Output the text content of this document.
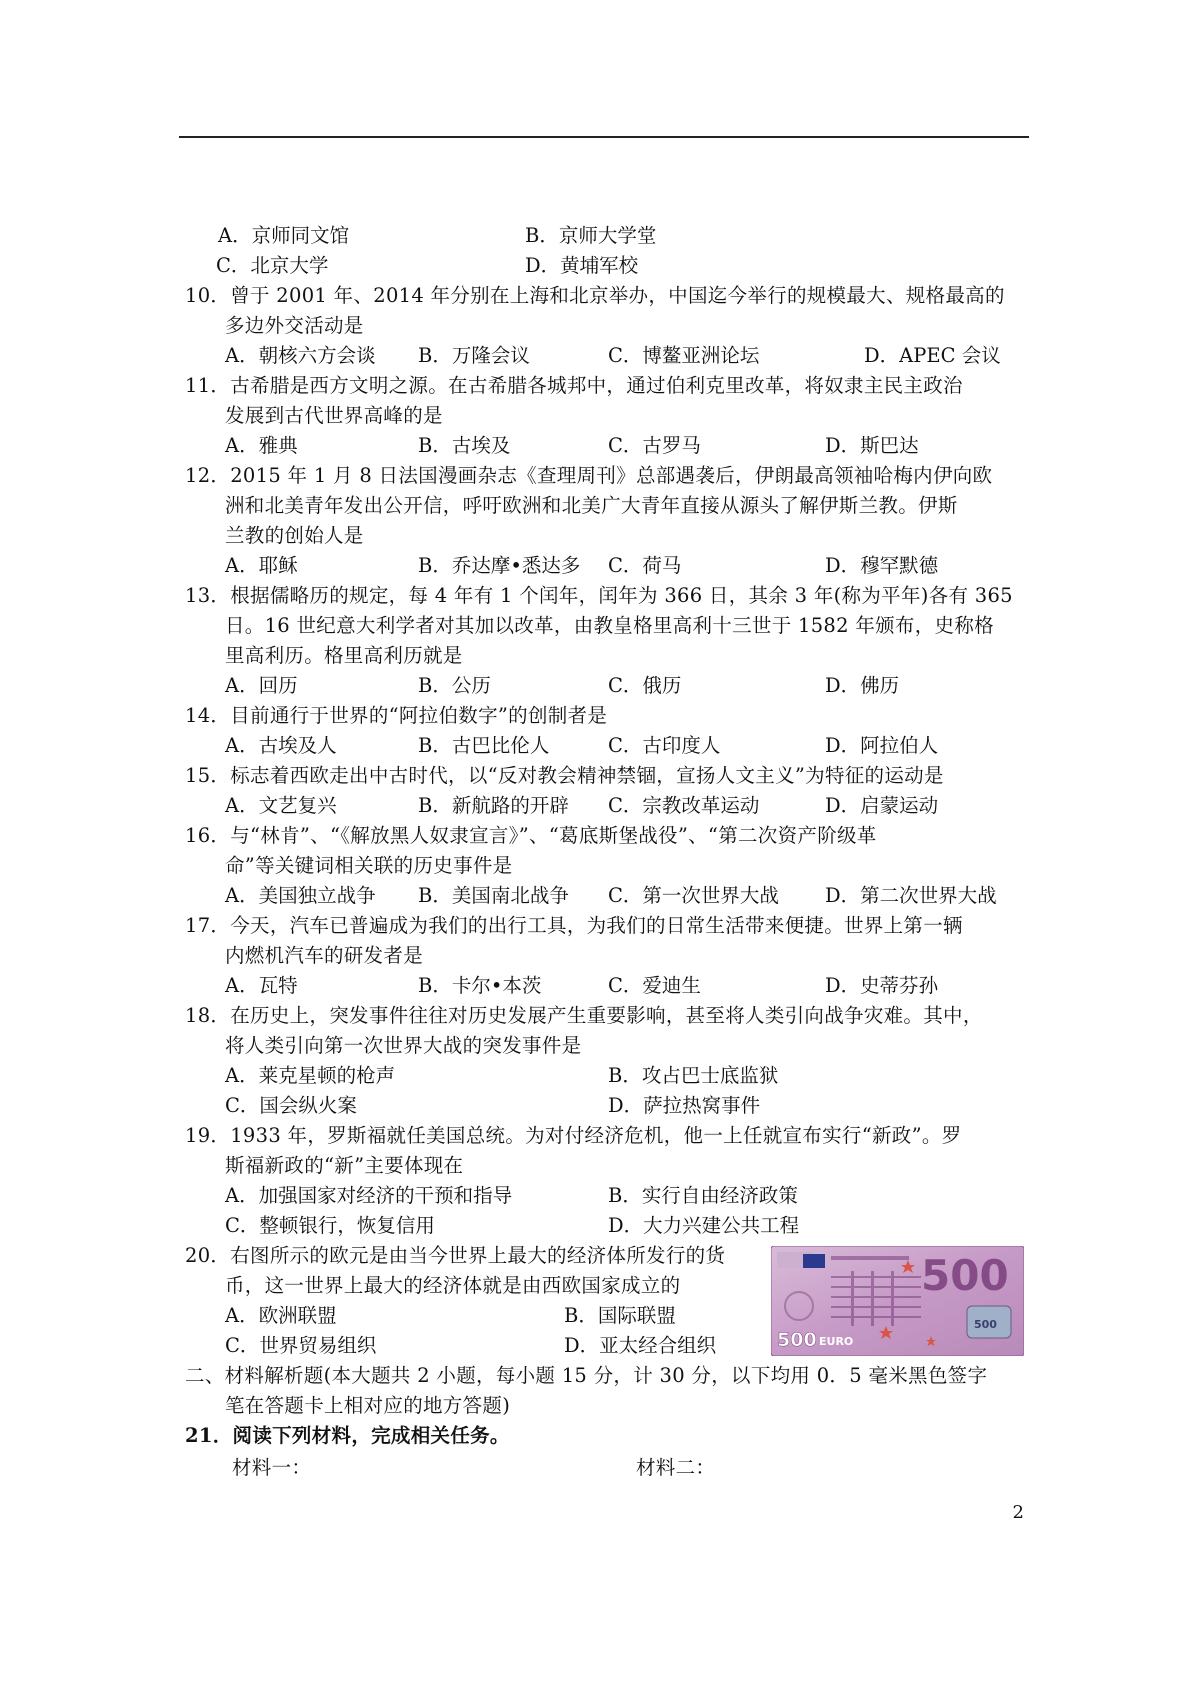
A．京师同文馆	B．京师大学堂
C．北京大学	D．黄埔军校
10．曾于 2001 年、2014 年分别在上海和北京举办，中国迄今举行的规模最大、规格最高的
多边外交活动是
A．朝核六方会谈 B．万隆会议	C．博鳌亚洲论坛	D．APEC 会议
11．古希腊是西方文明之源。在古希腊各城邦中，通过伯利克里改革，将奴隶主民主政治
发展到古代世界高峰的是
A．雅典	B．古埃及	C．古罗马	D．斯巴达
12．2015 年 1 月 8 日法国漫画杂志《查理周刊》总部遇袭后，伊朗最高领袖哈梅内伊向欧
洲和北美青年发出公开信，呼吁欧洲和北美广大青年直接从源头了解伊斯兰教。伊斯
兰教的创始人是
A．耶稣	B．乔达摩•悉达多 C．荷马	D．穆罕默德
13．根据儒略历的规定，每 4 年有 1 个闰年，闰年为 366 日，其余 3 年(称为平年)各有 365
日。16 世纪意大利学者对其加以改革，由教皇格里高利十三世于 1582 年颁布，史称格
里高利历。格里高利历就是
A．回历	B．公历	C．俄历	D．佛历
14．目前通行于世界的“阿拉伯数字”的创制者是
A．古埃及人	B．古巴比伦人	C．古印度人	D．阿拉伯人
15．标志着西欧走出中古时代，以“反对教会精神禁锢，宣扬人文主义”为特征的运动是
A．文艺复兴	B．新航路的开辟 C．宗教改革运动	D．启蒙运动
16．与“林肯”、“《解放黑人奴隶宣言》”、“葛底斯堡战役”、“第二次资产阶级革
命”等关键词相关联的历史事件是
A．美国独立战争 B．美国南北战争 C．第一次世界大战 D．第二次世界大战
17．今天，汽车已普遍成为我们的出行工具，为我们的日常生活带来便捷。世界上第一辆
内燃机汽车的研发者是
A．瓦特	B．卡尔•本茨	C．爱迪生	D．史蒂芬孙
18．在历史上，突发事件往往对历史发展产生重要影响，甚至将人类引向战争灾难。其中，
将人类引向第一次世界大战的突发事件是
A．莱克星顿的枪声	B．攻占巴士底监狱
C．国会纵火案	D．萨拉热窝事件
19．1933 年，罗斯福就任美国总统。为对付经济危机，他一上任就宣布实行“新政”。罗
斯福新政的“新”主要体现在
A．加强国家对经济的干预和指导	B．实行自由经济政策
C．整顿银行，恢复信用	D．大力兴建公共工程
20．右图所示的欧元是由当今世界上最大的经济体所发行的货
币，这一世界上最大的经济体就是由西欧国家成立的
A．欧洲联盟	B．国际联盟
C．世界贸易组织	D．亚太经合组织	500 EURO
500
500
二、材料解析题(本大题共 2 小题，每小题 15 分，计 30 分，以下均用 0．5 毫米黑色签字
笔在答题卡上相对应的地方答题)
21．阅读下列材料，完成相关任务。
材料一：	材料二：
2
